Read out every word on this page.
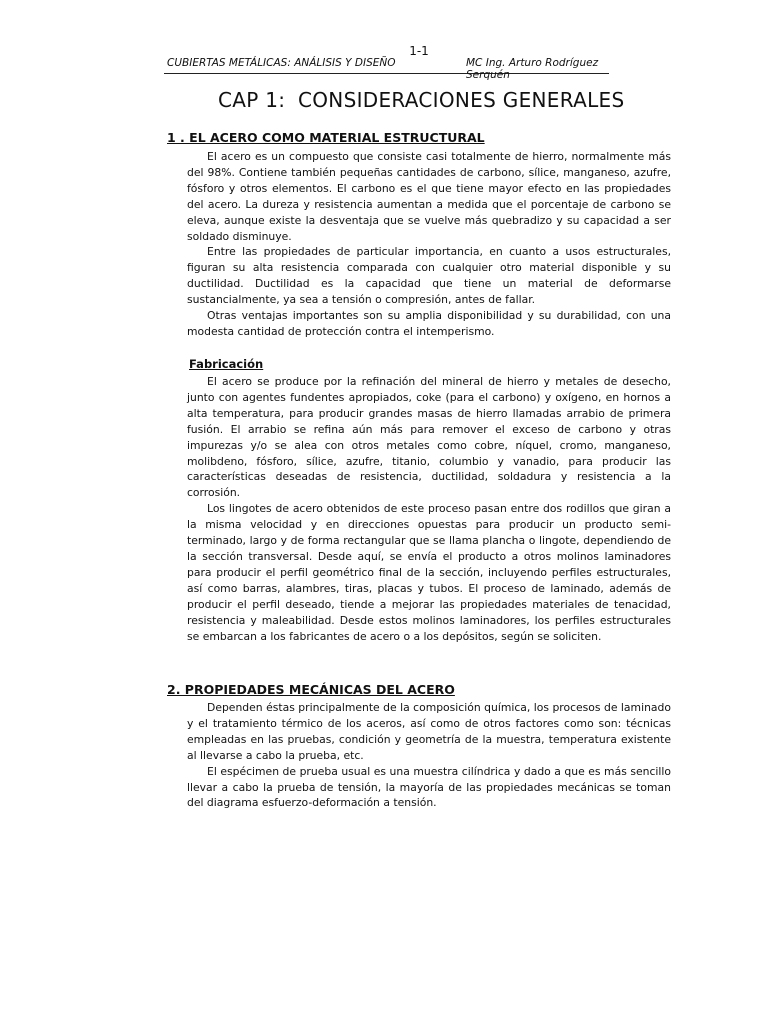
1-1
CUBIERTAS METÁLICAS: ANÁLISIS Y DISEÑO	MC Ing. Arturo Rodríguez Serquén
CAP 1: CONSIDERACIONES GENERALES
1 . EL ACERO COMO MATERIAL ESTRUCTURAL

El acero es un compuesto que consiste casi totalmente de hierro, normalmente más del 98%. Contiene también pequeñas cantidades de carbono, sílice, manganeso, azufre, fósforo y otros elementos. El carbono es el que tiene mayor efecto en las propiedades del acero. La dureza y resistencia aumentan a medida que el porcentaje de carbono se eleva, aunque existe la desventaja que se vuelve más quebradizo y su capacidad a ser soldado disminuye.

Entre las propiedades de particular importancia, en cuanto a usos estructurales, figuran su alta resistencia comparada con cualquier otro material disponible y su ductilidad. Ductilidad es la capacidad que tiene un material de deformarse sustancialmente, ya sea a tensión o compresión, antes de fallar.

Otras ventajas importantes son su amplia disponibilidad y su durabilidad, con una modesta cantidad de protección contra el intemperismo.

Fabricación

El acero se produce por la refinación del mineral de hierro y metales de desecho, junto con agentes fundentes apropiados, coke (para el carbono) y oxígeno, en hornos a alta temperatura, para producir grandes masas de hierro llamadas arrabio de primera fusión. El arrabio se refina aún más para remover el exceso de carbono y otras impurezas y/o se alea con otros metales como cobre, níquel, cromo, manganeso, molibdeno, fósforo, sílice, azufre, titanio, columbio y vanadio, para producir las características deseadas de resistencia, ductilidad, soldadura y resistencia a la corrosión.

Los lingotes de acero obtenidos de este proceso pasan entre dos rodillos que giran a la misma velocidad y en direcciones opuestas para producir un producto semi-terminado, largo y de forma rectangular que se llama plancha o lingote, dependiendo de la sección transversal. Desde aquí, se envía el producto a otros molinos laminadores para producir el perfil geométrico final de la sección, incluyendo perfiles estructurales, así como barras, alambres, tiras, placas y tubos. El proceso de laminado, además de producir el perfil deseado, tiende a mejorar las propiedades materiales de tenacidad, resistencia y maleabilidad. Desde estos molinos laminadores, los perfiles estructurales se embarcan a los fabricantes de acero o a los depósitos, según se soliciten.

2. PROPIEDADES MECÁNICAS DEL ACERO

Dependen éstas principalmente de la composición química, los procesos de laminado y el tratamiento térmico de los aceros, así como de otros factores como son: técnicas empleadas en las pruebas, condición y geometría de la muestra, temperatura existente al llevarse a cabo la prueba, etc.

El espécimen de prueba usual es una muestra cilíndrica y dado a que es más sencillo llevar a cabo la prueba de tensión, la mayoría de las propiedades mecánicas se toman del diagrama esfuerzo-deformación a tensión.
